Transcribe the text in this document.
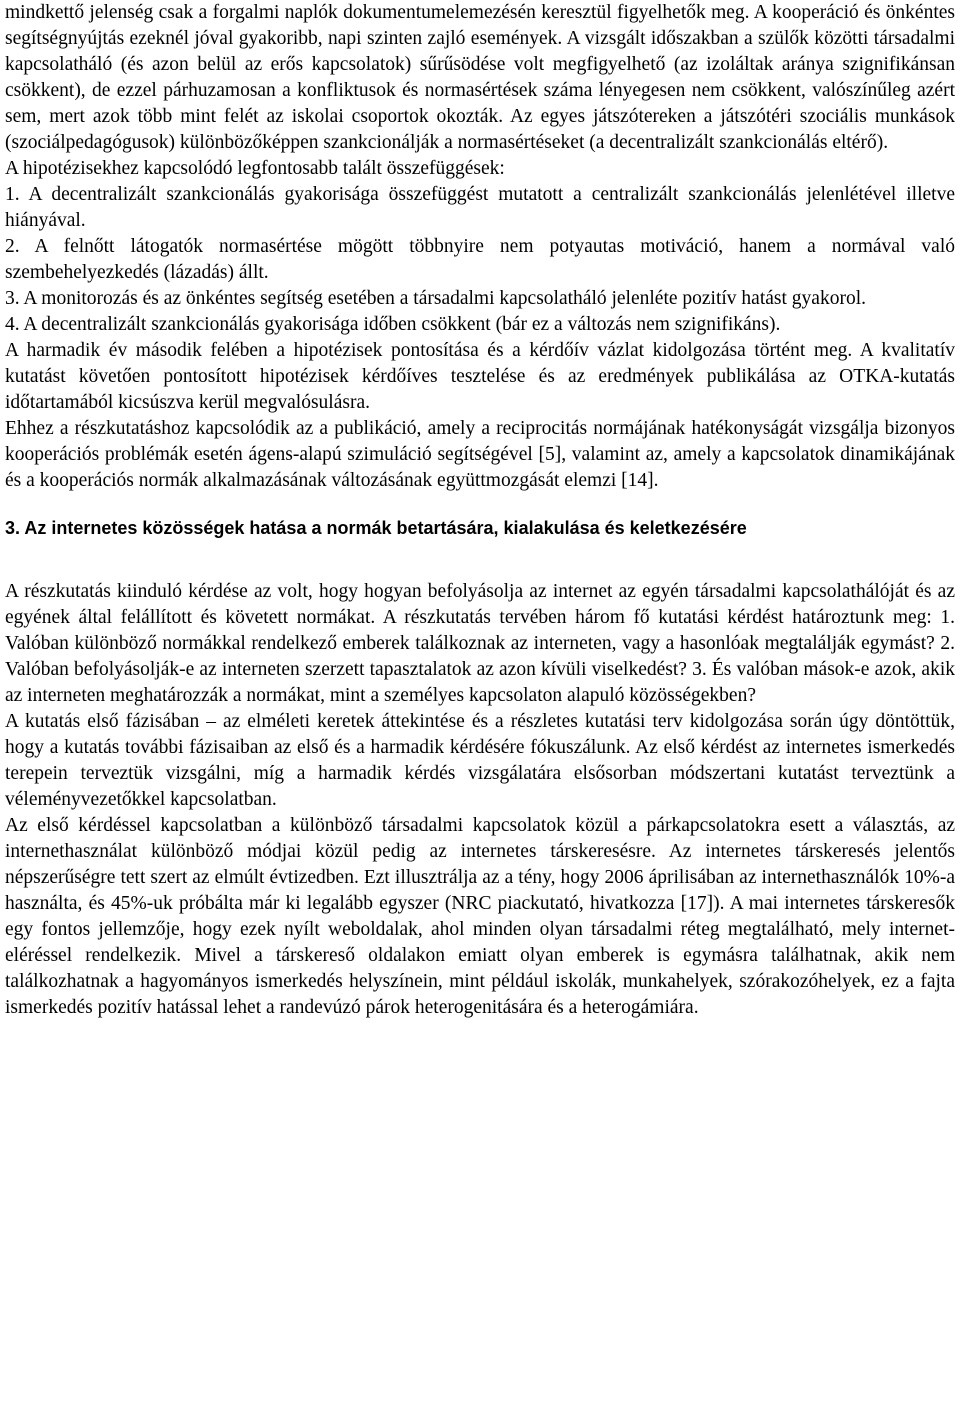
mindkettő jelenség csak a forgalmi naplók dokumentumelemezésén keresztül figyelhetők meg. A kooperáció és önkéntes segítségnyújtás ezeknél jóval gyakoribb, napi szinten zajló események. A vizsgált időszakban a szülők közötti társadalmi kapcsolatháló (és azon belül az erős kapcsolatok) sűrűsödése volt megfigyelhető (az izoláltak aránya szignifikánsan csökkent), de ezzel párhuzamosan a konfliktusok és normasértések száma lényegesen nem csökkent, valószínűleg azért sem, mert azok több mint felét az iskolai csoportok okozták. Az egyes játszótereken a játszótéri szociális munkások (szociálpedagógusok) különbözőképpen szankcionálják a normasértéseket (a decentralizált szankcionálás eltérő).

A hipotézisekhez kapcsolódó legfontosabb talált összefüggések:

1. A decentralizált szankcionálás gyakorisága összefüggést mutatott a centralizált szankcionálás jelenlétével illetve hiányával.

2. A felnőtt látogatók normasértése mögött többnyire nem potyautas motiváció, hanem a normával való szembehelyezkedés (lázadás) állt.

3. A monitorozás és az önkéntes segítség esetében a társadalmi kapcsolatháló jelenléte pozitív hatást gyakorol.

4. A decentralizált szankcionálás gyakorisága időben csökkent (bár ez a változás nem szignifikáns).

A harmadik év második felében a hipotézisek pontosítása és a kérdőív vázlat kidolgozása történt meg. A kvalitatív kutatást követően pontosított hipotézisek kérdőíves tesztelése és az eredmények publikálása az OTKA-kutatás időtartamából kicsúszva kerül megvalósulásra.

Ehhez a részkutatáshoz kapcsolódik az a publikáció, amely a reciprocitás normájának hatékonyságát vizsgálja bizonyos kooperációs problémák esetén ágens-alapú szimuláció segítségével [5], valamint az, amely a kapcsolatok dinamikájának és a kooperációs normák alkalmazásának változásának együttmozgását elemzi [14].

3. Az internetes közösségek hatása a normák betartására, kialakulása és keletkezésére

A részkutatás kiinduló kérdése az volt, hogy hogyan befolyásolja az internet az egyén társadalmi kapcsolathálóját és az egyének által felállított és követett normákat. A részkutatás tervében három fő kutatási kérdést határoztunk meg: 1. Valóban különböző normákkal rendelkező emberek találkoznak az interneten, vagy a hasonlóak megtalálják egymást? 2. Valóban befolyásolják-e az interneten szerzett tapasztalatok az azon kívüli viselkedést? 3. És valóban mások-e azok, akik az interneten meghatározzák a normákat, mint a személyes kapcsolaton alapuló közösségekben?

A kutatás első fázisában – az elméleti keretek áttekintése és a részletes kutatási terv kidolgozása során úgy döntöttük, hogy a kutatás további fázisaiban az első és a harmadik kérdésére fókuszálunk. Az első kérdést az internetes ismerkedés terepein terveztük vizsgálni, míg a harmadik kérdés vizsgálatára elsősorban módszertani kutatást terveztünk a véleményvezetőkkel kapcsolatban.

Az első kérdéssel kapcsolatban a különböző társadalmi kapcsolatok közül a párkapcsolatokra esett a választás, az internethasználat különböző módjai közül pedig az internetes társkeresésre. Az internetes társkeresés jelentős népszerűségre tett szert az elmúlt évtizedben. Ezt illusztrálja az a tény, hogy 2006 áprilisában az internethasználók 10%-a használta, és 45%-uk próbálta már ki legalább egyszer (NRC piackutató, hivatkozza [17]). A mai internetes társkeresők egy fontos jellemzője, hogy ezek nyílt weboldalak, ahol minden olyan társadalmi réteg megtalálható, mely internet-eléréssel rendelkezik. Mivel a társkereső oldalakon emiatt olyan emberek is egymásra találhatnak, akik nem találkozhatnak a hagyományos ismerkedés helyszínein, mint például iskolák, munkahelyek, szórakozóhelyek, ez a fajta ismerkedés pozitív hatással lehet a randevúzó párok heterogenitására és a heterogámiára.
